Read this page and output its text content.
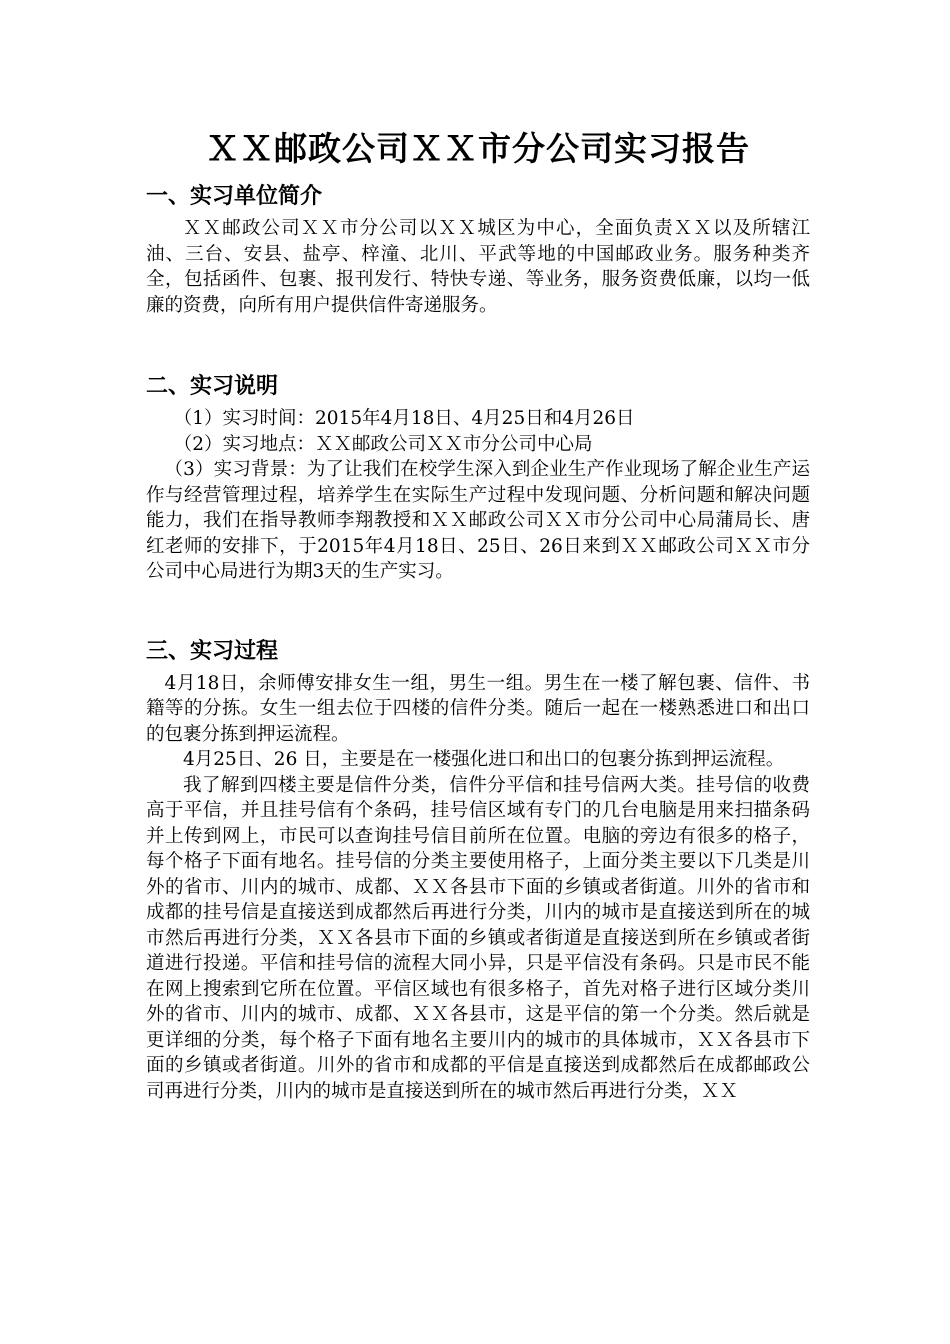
ＸＸ邮政公司ＸＸ市分公司实习报告
一、实习单位简介

ＸＸ邮政公司ＸＸ市分公司以ＸＸ城区为中心，全面负责ＸＸ以及所辖江油、三台、安县、盐亭、梓潼、北川、平武等地的中国邮政业务。服务种类齐全，包括函件、包裹、报刊发行、特快专递、等业务，服务资费低廉，以均一低廉的资费，向所有用户提供信件寄递服务。

二、实习说明

（1）实习时间：2015年4月18日、4月25日和4月26日

（2）实习地点：ＸＸ邮政公司ＸＸ市分公司中心局

（3）实习背景：为了让我们在校学生深入到企业生产作业现场了解企业生产运作与经营管理过程，培养学生在实际生产过程中发现问题、分析问题和解决问题能力，我们在指导教师李翔教授和ＸＸ邮政公司ＸＸ市分公司中心局蒲局长、唐红老师的安排下，于2015年4月18日、25日、26日来到ＸＸ邮政公司ＸＸ市分公司中心局进行为期3天的生产实习。

三、实习过程

4月18日，余师傅安排女生一组，男生一组。男生在一楼了解包裹、信件、书籍等的分拣。女生一组去位于四楼的信件分类。随后一起在一楼熟悉进口和出口的包裹分拣到押运流程。

4月25日、26 日，主要是在一楼强化进口和出口的包裹分拣到押运流程。

我了解到四楼主要是信件分类，信件分平信和挂号信两大类。挂号信的收费高于平信，并且挂号信有个条码，挂号信区域有专门的几台电脑是用来扫描条码并上传到网上，市民可以查询挂号信目前所在位置。电脑的旁边有很多的格子，每个格子下面有地名。挂号信的分类主要使用格子，上面分类主要以下几类是川外的省市、川内的城市、成都、ＸＸ各县市下面的乡镇或者街道。川外的省市和成都的挂号信是直接送到成都然后再进行分类，川内的城市是直接送到所在的城市然后再进行分类，ＸＸ各县市下面的乡镇或者街道是直接送到所在乡镇或者街道进行投递。平信和挂号信的流程大同小异，只是平信没有条码。只是市民不能在网上搜索到它所在位置。平信区域也有很多格子，首先对格子进行区域分类川外的省市、川内的城市、成都、ＸＸ各县市，这是平信的第一个分类。然后就是更详细的分类，每个格子下面有地名主要川内的城市的具体城市，ＸＸ各县市下面的乡镇或者街道。川外的省市和成都的平信是直接送到成都然后在成都邮政公司再进行分类，川内的城市是直接送到所在的城市然后再进行分类，ＸＸ
